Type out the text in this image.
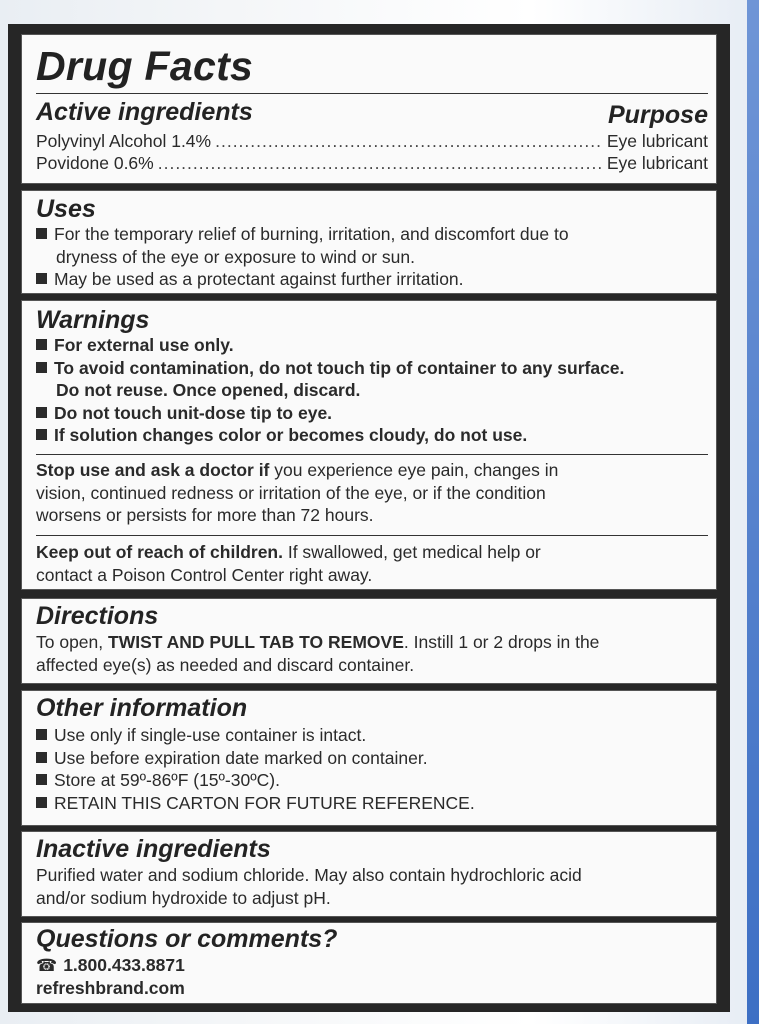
Drug Facts
Active ingredients	Purpose
Polyvinyl Alcohol 1.4% .....	Eye lubricant
Povidone 0.6% .....	Eye lubricant
Uses
For the temporary relief of burning, irritation, and discomfort due to
dryness of the eye or exposure to wind or sun.
May be used as a protectant against further irritation.
Warnings
For external use only.
To avoid contamination, do not touch tip of container to any surface.
Do not reuse. Once opened, discard.
Do not touch unit-dose tip to eye.
If solution changes color or becomes cloudy, do not use.
Stop use and ask a doctor if you experience eye pain, changes in
vision, continued redness or irritation of the eye, or if the condition
worsens or persists for more than 72 hours.
Keep out of reach of children. If swallowed, get medical help or
contact a Poison Control Center right away.
Directions
To open, TWIST AND PULL TAB TO REMOVE. Instill 1 or 2 drops in the
affected eye(s) as needed and discard container.
Other information
Use only if single-use container is intact.
Use before expiration date marked on container.
Store at 59º-86ºF (15º-30ºC).
RETAIN THIS CARTON FOR FUTURE REFERENCE.
Inactive ingredients
Purified water and sodium chloride. May also contain hydrochloric acid
and/or sodium hydroxide to adjust pH.
Questions or comments?
☎ 1.800.433.8871
refreshbrand.com
